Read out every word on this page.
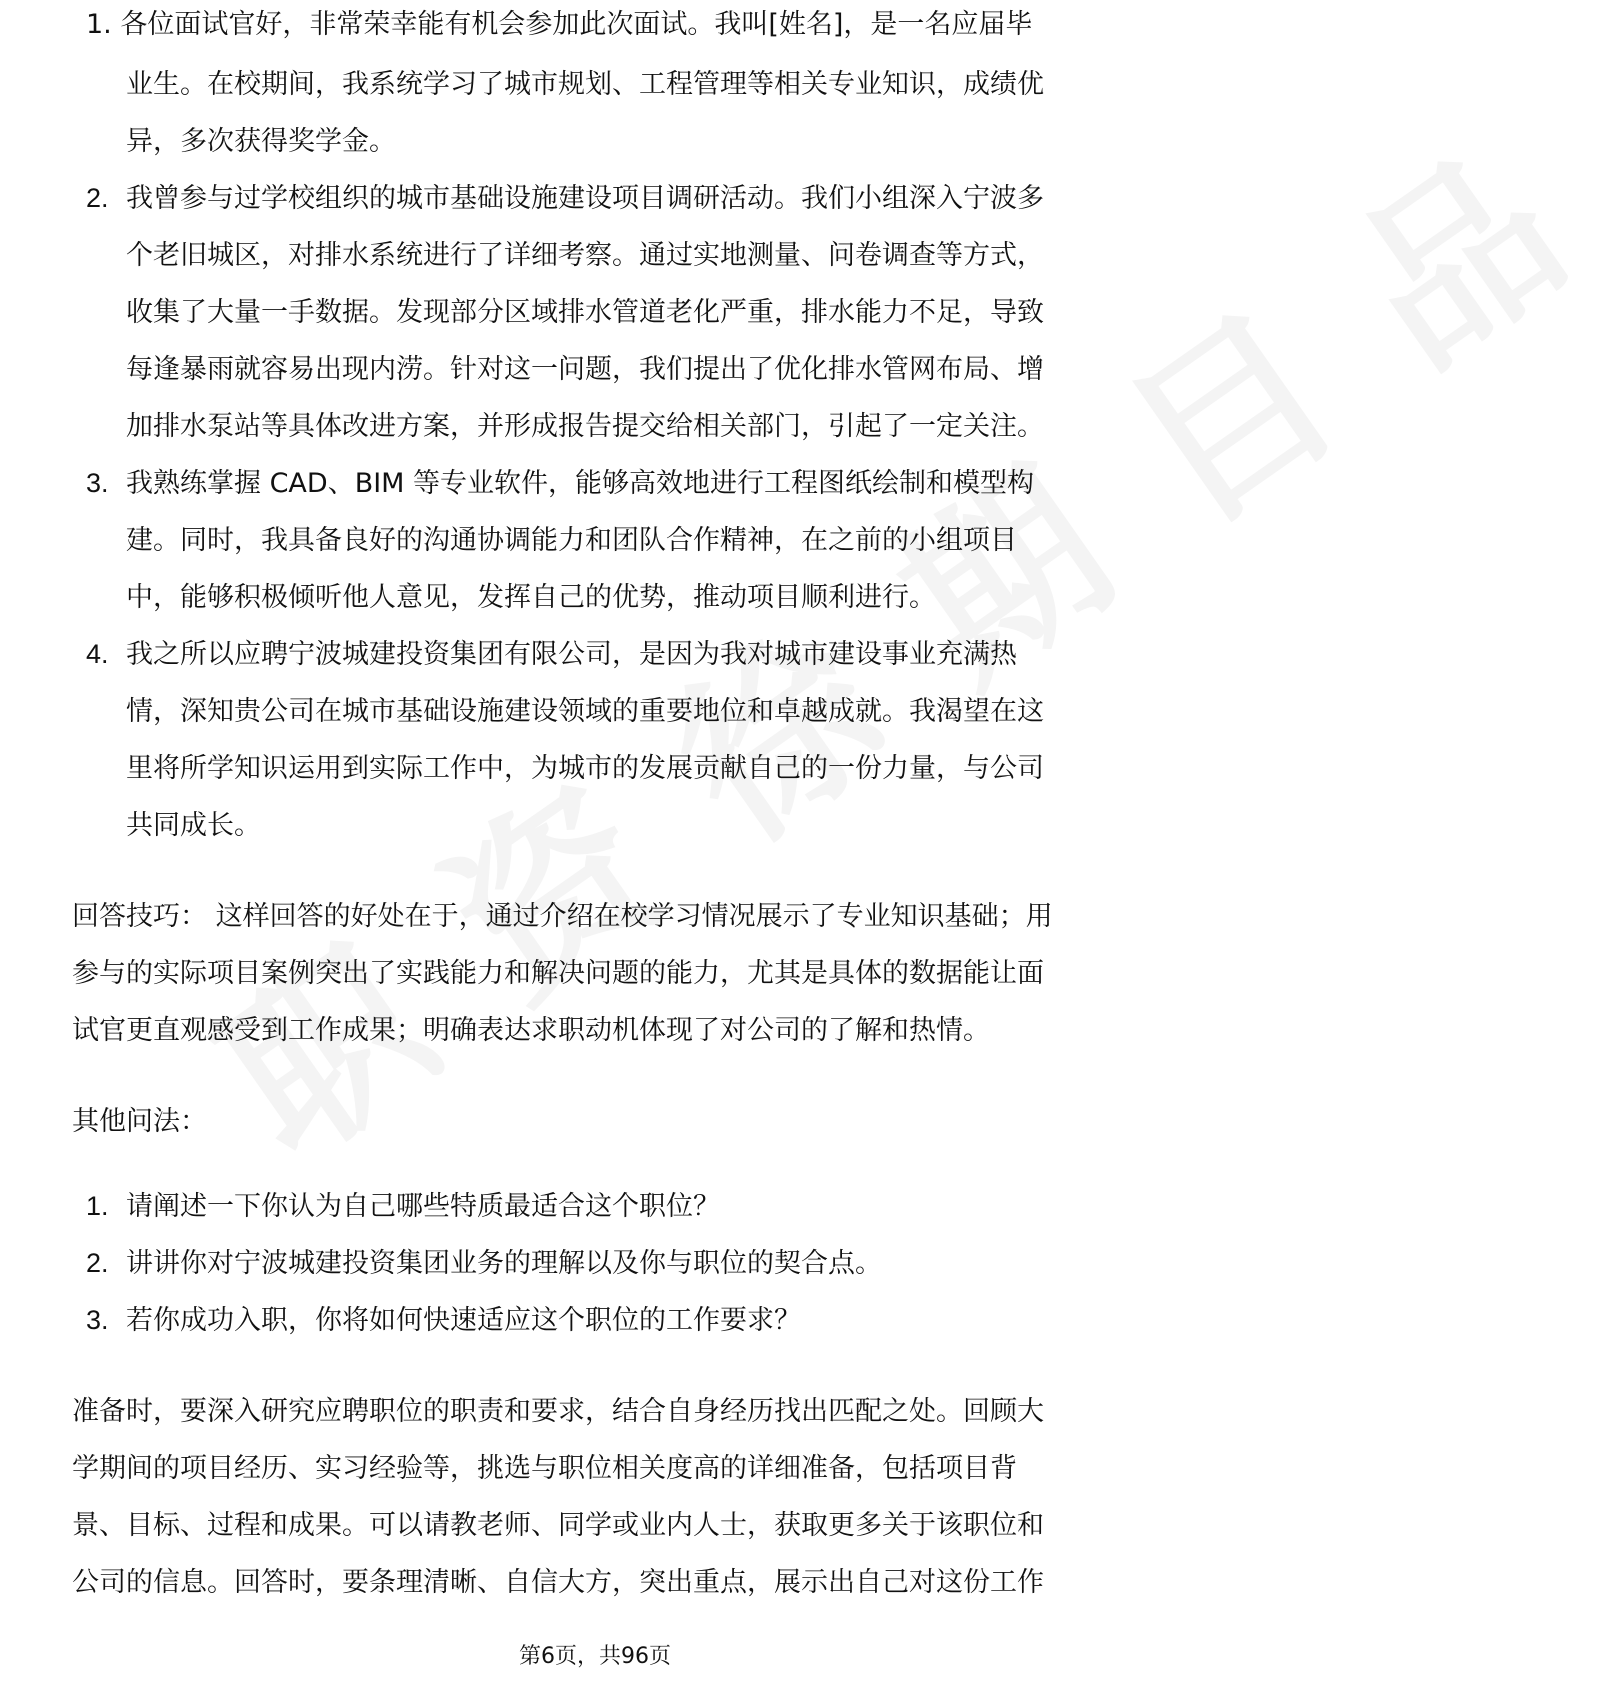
1. 各位面试官好，非常荣幸能有机会参加此次面试。我叫[姓名]，是一名应届毕
业生。在校期间，我系统学习了城市规划、工程管理等相关专业知识，成绩优
异，多次获得奖学金。
2. 我曾参与过学校组织的城市基础设施建设项目调研活动。我们小组深入宁波多
个老旧城区，对排水系统进行了详细考察。通过实地测量、问卷调查等方式，
收集了大量一手数据。发现部分区域排水管道老化严重，排水能力不足，导致
每逢暴雨就容易出现内涝。针对这一问题，我们提出了优化排水管网布局、增
加排水泵站等具体改进方案，并形成报告提交给相关部门，引起了一定关注。
3. 我熟练掌握 CAD、BIM 等专业软件，能够高效地进行工程图纸绘制和模型构
建。同时，我具备良好的沟通协调能力和团队合作精神，在之前的小组项目
中，能够积极倾听他人意见，发挥自己的优势，推动项目顺利进行。
4. 我之所以应聘宁波城建投资集团有限公司，是因为我对城市建设事业充满热
情，深知贵公司在城市基础设施建设领域的重要地位和卓越成就。我渴望在这
里将所学知识运用到实际工作中，为城市的发展贡献自己的一份力量，与公司
共同成长。
回答技巧： 这样回答的好处在于，通过介绍在校学习情况展示了专业知识基础；用
参与的实际项目案例突出了实践能力和解决问题的能力，尤其是具体的数据能让面
试官更直观感受到工作成果；明确表达求职动机体现了对公司的了解和热情。
其他问法：
1. 请阐述一下你认为自己哪些特质最适合这个职位？
2. 讲讲你对宁波城建投资集团业务的理解以及你与职位的契合点。
3. 若你成功入职，你将如何快速适应这个职位的工作要求？
准备时，要深入研究应聘职位的职责和要求，结合自身经历找出匹配之处。回顾大
学期间的项目经历、实习经验等，挑选与职位相关度高的详细准备，包括项目背
景、目标、过程和成果。可以请教老师、同学或业内人士，获取更多关于该职位和
公司的信息。回答时，要条理清晰、自信大方，突出重点，展示出自己对这份工作
第6页，共96页
